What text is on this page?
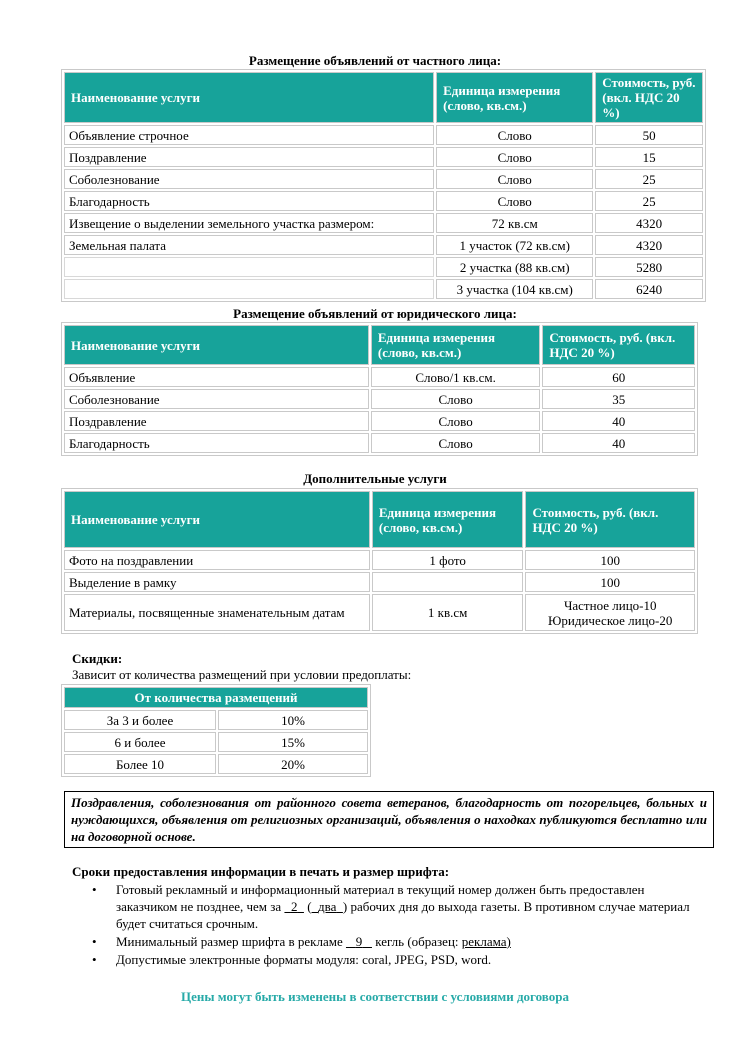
Размещение объявлений от частного лица:
Наименование услуги	Единица измерения (слово, кв.см.)	Стоимость, руб. (вкл. НДС 20 %)
Объявление строчное	Слово	50
Поздравление	Слово	15
Соболезнование	Слово	25
Благодарность	Слово	25
Извещение о выделении земельного участка размером:	72 кв.см	4320
Земельная палата	1 участок (72 кв.см)	4320
	2 участка (88 кв.см)	5280
	3 участка (104 кв.см)	6240
Размещение объявлений от юридического лица:
Наименование услуги	Единица измерения (слово, кв.см.)	Стоимость, руб. (вкл. НДС 20 %)
Объявление	Слово/1 кв.см.	60
Соболезнование	Слово	35
Поздравление	Слово	40
Благодарность	Слово	40
Дополнительные услуги
Наименование услуги	Единица измерения (слово, кв.см.)	Стоимость, руб. (вкл. НДС 20 %)
Фото на поздравлении	1 фото	100
Выделение в рамку		100
Материалы, посвященные знаменательным датам	1 кв.см	Частное лицо-10 Юридическое лицо-20
Скидки:
Зависит от количества размещений при условии предоплаты:
От количества размещений	
За 3 и более	10%
6 и более	15%
Более 10	20%
Поздравления, соболезнования от районного совета ветеранов, благодарность от погорельцев, больных и нуждающихся, объявления от религиозных организаций, объявления о находках публикуются бесплатно или на договорной основе.
Сроки предоставления информации в печать и размер шрифта:
• Готовый рекламный и информационный материал в текущий номер должен быть предоставлен заказчиком не позднее, чем за 2   ( два ) рабочих дня до выхода газеты. В противном случае материал будет считаться срочным.
• Минимальный размер шрифта в рекламе 9 кегль (образец: реклама)
• Допустимые электронные форматы модуля: coral, JPEG, PSD, word.
Цены могут быть изменены в соответствии с условиями договора
